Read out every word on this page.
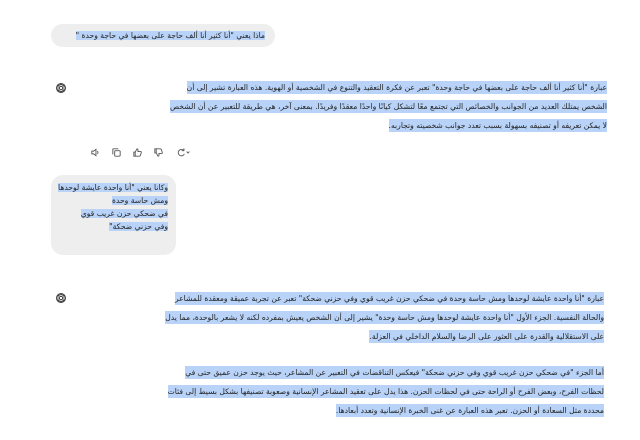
ماذا يعني "أنا كثير أنا ألف حاجة على بعضها في حاجة وحدة "
عبارة "أنا كثير أنا ألف حاجة على بعضها في حاجة وحدة" تعبر عن فكرة التعقيد والتنوع في الشخصية أو الهوية. هذه العبارة تشير إلى أن
الشخص يمتلك العديد من الجوانب والخصائص التي تجتمع معًا لتشكل كيانًا واحدًا معقدًا وفريدًا. بمعنى آخر، هي طريقة للتعبير عن أن الشخص
لا يمكن تعريفه أو تصنيفه بسهولة بسبب تعدد جوانب شخصيته وتجاربه.
وكانا يعني "أنا واحدة عايشة لوحدها
ومش حاسة وحدة
في ضحكي حزن غريب قوي
وفي حزني ضحكة"
عبارة "أنا واحدة عايشة لوحدها ومش حاسة وحدة في ضحكي حزن غريب قوي وفي حزني ضحكة" تعبر عن تجربة عميقة ومعقدة للمشاعر
والحالة النفسية. الجزء الأول "أنا واحدة عايشة لوحدها ومش حاسة وحدة" يشير إلى أن الشخص يعيش بمفرده لكنه لا يشعر بالوحدة، مما يدل
على الاستقلالية والقدرة على العثور على الرضا والسلام الداخلي في العزلة.
أما الجزء "في ضحكي حزن غريب قوي وفي حزني ضحكة" فيعكس التناقضات في التعبير عن المشاعر، حيث يوجد حزن عميق حتى في
لحظات الفرح، وبعض الفرح أو الراحة حتى في لحظات الحزن. هذا يدل على تعقيد المشاعر الإنسانية وصعوبة تصنيفها بشكل بسيط إلى فئات
محددة مثل السعادة أو الحزن. تعبر هذه العبارة عن غنى الخبرة الإنسانية وتعدد أبعادها.
